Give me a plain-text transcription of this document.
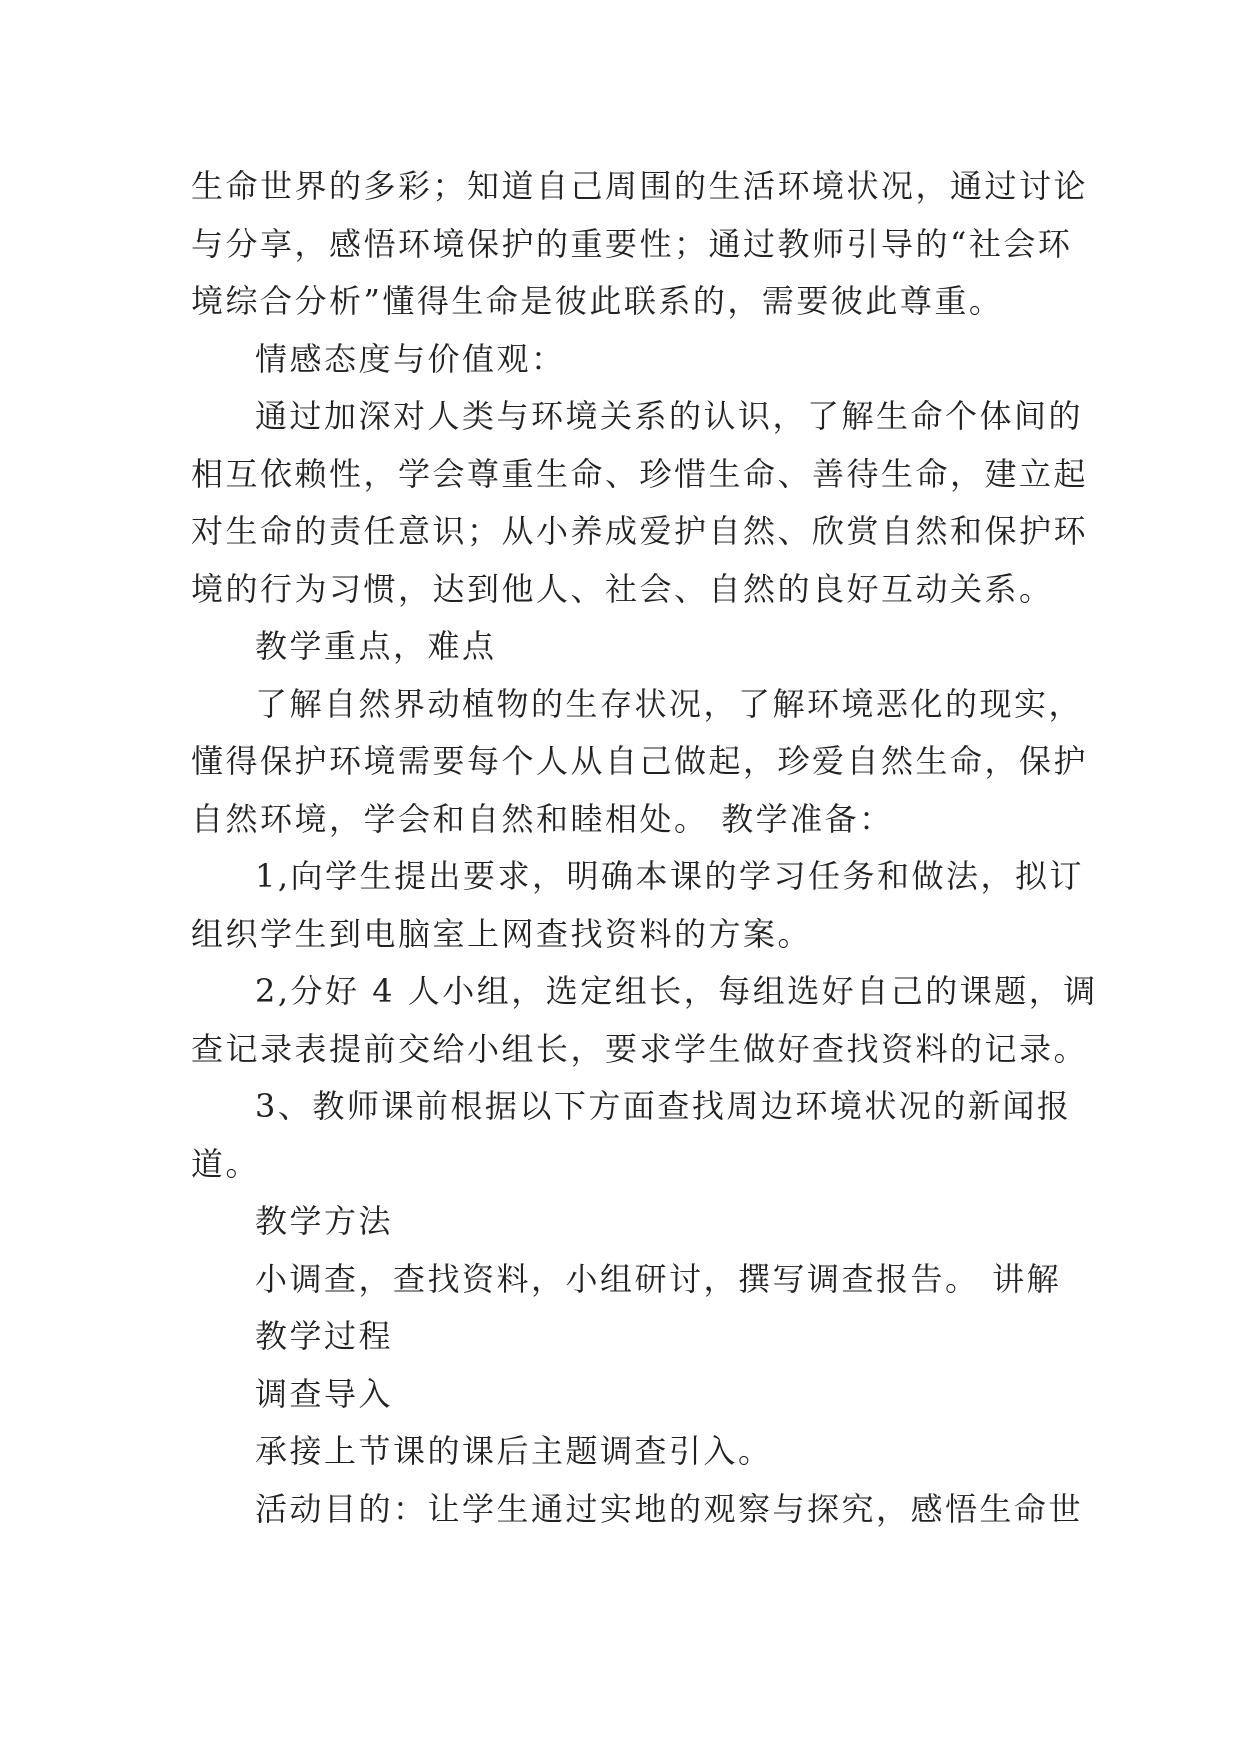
生命世界的多彩；知道自己周围的生活环境状况，通过讨论
与分享，感悟环境保护的重要性；通过教师引导的“社会环
境综合分析”懂得生命是彼此联系的，需要彼此尊重。
情感态度与价值观：
通过加深对人类与环境关系的认识，了解生命个体间的
相互依赖性，学会尊重生命、珍惜生命、善待生命，建立起
对生命的责任意识；从小养成爱护自然、欣赏自然和保护环
境的行为习惯，达到他人、社会、自然的良好互动关系。
教学重点，难点
了解自然界动植物的生存状况，了解环境恶化的现实，
懂得保护环境需要每个人从自己做起，珍爱自然生命，保护
自然环境，学会和自然和睦相处。 教学准备：
1,向学生提出要求，明确本课的学习任务和做法，拟订
组织学生到电脑室上网查找资料的方案。
2,分好 4 人小组，选定组长，每组选好自己的课题，调
查记录表提前交给小组长，要求学生做好查找资料的记录。
3、教师课前根据以下方面查找周边环境状况的新闻报
道。
教学方法
小调查，查找资料，小组研讨，撰写调查报告。 讲解
教学过程
调查导入
承接上节课的课后主题调查引入。
活动目的：让学生通过实地的观察与探究，感悟生命世
